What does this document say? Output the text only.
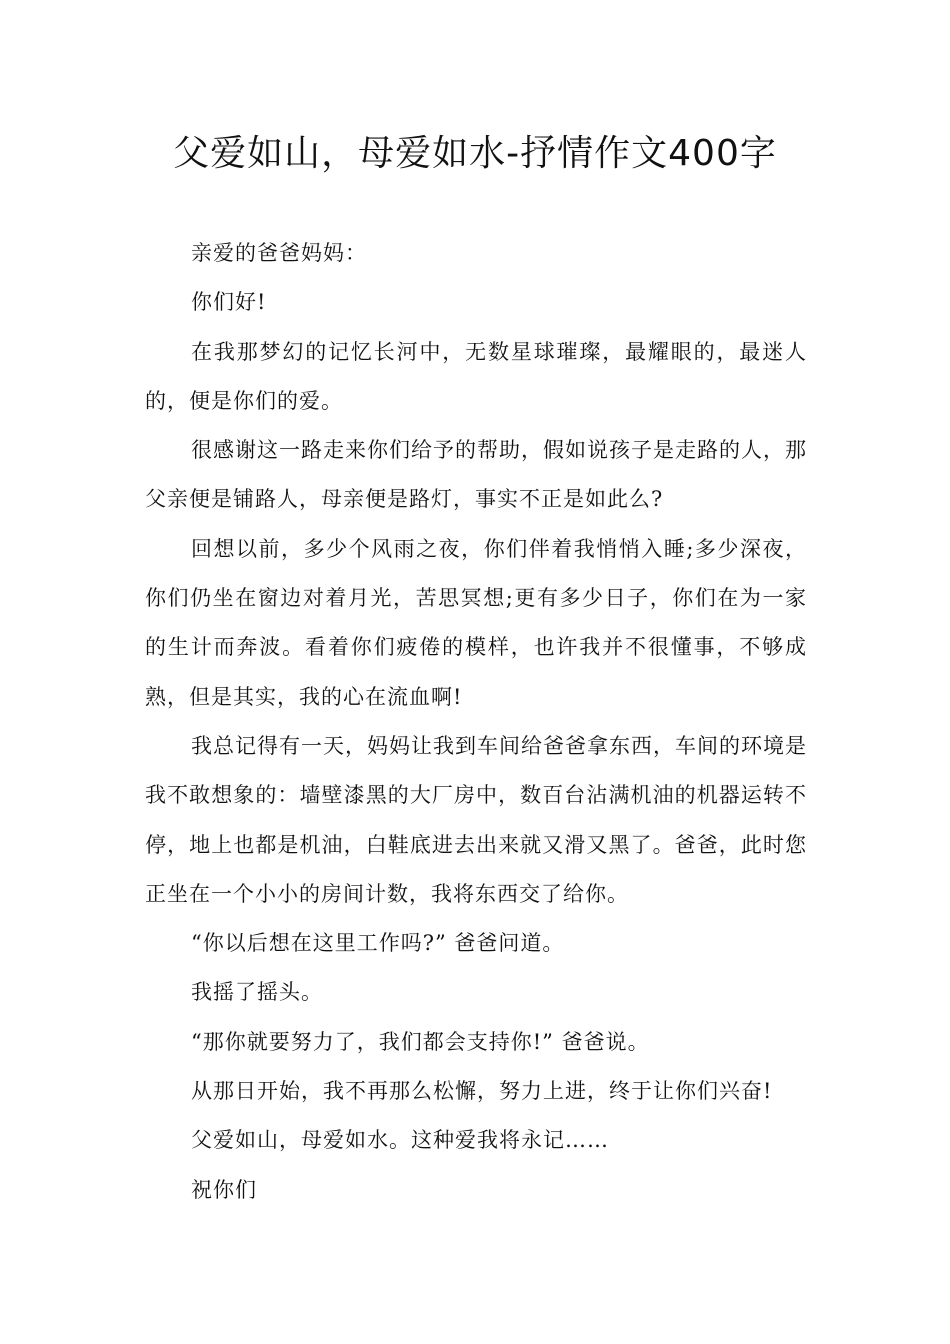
父爱如山，母爱如水-抒情作文400字

亲爱的爸爸妈妈：

你们好!

在我那梦幻的记忆长河中，无数星球璀璨，最耀眼的，最迷人的，便是你们的爱。

很感谢这一路走来你们给予的帮助，假如说孩子是走路的人，那父亲便是铺路人，母亲便是路灯，事实不正是如此么?

回想以前，多少个风雨之夜，你们伴着我悄悄入睡;多少深夜，你们仍坐在窗边对着月光，苦思冥想;更有多少日子，你们在为一家的生计而奔波。看着你们疲倦的模样，也许我并不很懂事，不够成熟，但是其实，我的心在流血啊!

我总记得有一天，妈妈让我到车间给爸爸拿东西，车间的环境是我不敢想象的：墙壁漆黑的大厂房中，数百台沾满机油的机器运转不停，地上也都是机油，白鞋底进去出来就又滑又黑了。爸爸，此时您正坐在一个小小的房间计数，我将东西交了给你。

“你以后想在这里工作吗?” 爸爸问道。

我摇了摇头。

“那你就要努力了，我们都会支持你!” 爸爸说。

从那日开始，我不再那么松懈，努力上进，终于让你们兴奋!

父爱如山，母爱如水。这种爱我将永记……

祝你们
